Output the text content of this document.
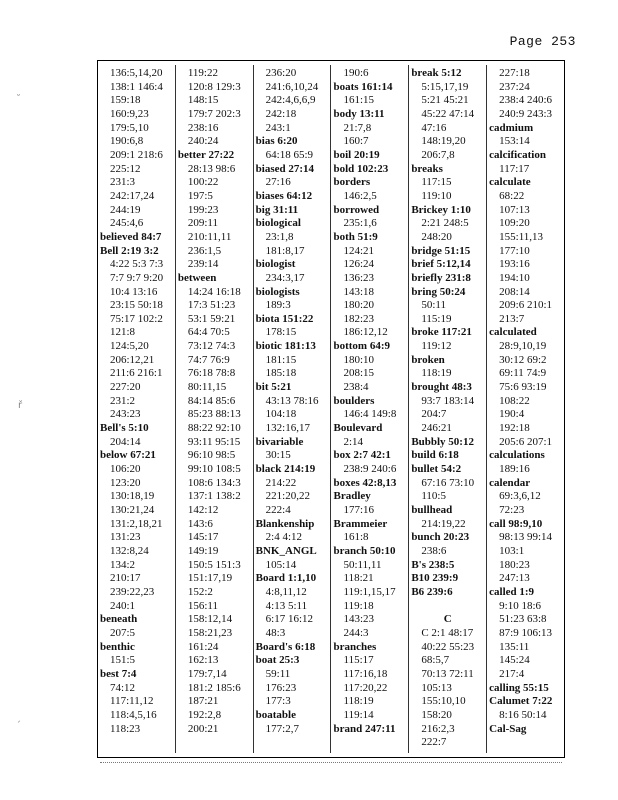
Page 253
˘
ř
ˏ
136:5,14,20
138:1 146:4
159:18
160:9,23
179:5,10
190:6,8
209:1 218:6
225:12
231:3
242:17,24
244:19
245:4,6
believed 84:7
Bell 2:19 3:2
4:22 5:3 7:3
7:7 9:7 9:20
10:4 13:16
23:15 50:18
75:17 102:2
121:8
124:5,20
206:12,21
211:6 216:1
227:20
231:2
243:23
Bell's 5:10
204:14
below 67:21
106:20
123:20
130:18,19
130:21,24
131:2,18,21
131:23
132:8,24
134:2
210:17
239:22,23
240:1
beneath
207:5
benthic
151:5
best 7:4
74:12
117:11,12
118:4,5,16
118:23
119:22
120:8 129:3
148:15
179:7 202:3
238:16
240:24
better 27:22
28:13 98:6
100:22
197:5
199:23
209:11
210:11,11
236:1,5
239:14
between
14:24 16:18
17:3 51:23
53:1 59:21
64:4 70:5
73:12 74:3
74:7 76:9
76:18 78:8
80:11,15
84:14 85:6
85:23 88:13
88:22 92:10
93:11 95:15
96:10 98:5
99:10 108:5
108:6 134:3
137:1 138:2
142:12
143:6
145:17
149:19
150:5 151:3
151:17,19
152:2
156:11
158:12,14
158:21,23
161:24
162:13
179:7,14
181:2 185:6
187:21
192:2,8
200:21
236:20
241:6,10,24
242:4,6,6,9
242:18
243:1
bias 6:20
64:18 65:9
biased 27:14
27:16
biases 64:12
big 31:11
biological
23:1,8
181:8,17
biologist
234:3,17
biologists
189:3
biota 151:22
178:15
biotic 181:13
181:15
185:18
bit 5:21
43:13 78:16
104:18
132:16,17
bivariable
30:15
black 214:19
214:22
221:20,22
222:4
Blankenship
2:4 4:12
BNK_ANGL
105:14
Board 1:1,10
4:8,11,12
4:13 5:11
6:17 16:12
48:3
Board's 6:18
boat 25:3
59:11
176:23
177:3
boatable
177:2,7
190:6
boats 161:14
161:15
body 13:11
21:7,8
160:7
boil 20:19
bold 102:23
borders
146:2,5
borrowed
235:1,6
both 51:9
124:21
126:24
136:23
143:18
180:20
182:23
186:12,12
bottom 64:9
180:10
208:15
238:4
boulders
146:4 149:8
Boulevard
2:14
box 2:7 42:1
238:9 240:6
boxes 42:8,13
Bradley
177:16
Brammeier
161:8
branch 50:10
50:11,11
118:21
119:1,15,17
119:18
143:23
244:3
branches
115:17
117:16,18
117:20,22
118:19
119:14
brand 247:11
break 5:12
5:15,17,19
5:21 45:21
45:22 47:14
47:16
148:19,20
206:7,8
breaks
117:15
119:10
Brickey 1:10
2:21 248:5
248:20
bridge 51:15
brief 5:12,14
briefly 231:8
bring 50:24
50:11
115:19
broke 117:21
119:12
broken
118:19
brought 48:3
93:7 183:14
204:7
246:21
Bubbly 50:12
build 6:18
bullet 54:2
67:16 73:10
110:5
bullhead
214:19,22
bunch 20:23
238:6
B's 238:5
B10 239:9
B6 239:6
$\overline{C}$
C 2:1 48:17
40:22 55:23
68:5,7
70:13 72:11
105:13
155:10,10
158:20
216:2,3
222:7
227:18
237:24
238:4 240:6
240:9 243:3
cadmium
153:14
calcification
117:17
calculate
68:22
107:13
109:20
155:11,13
177:10
193:16
194:10
208:14
209:6 210:1
213:7
calculated
28:9,10,19
30:12 69:2
69:11 74:9
75:6 93:19
108:22
190:4
192:18
205:6 207:1
calculations
189:16
calendar
69:3,6,12
72:23
call 98:9,10
98:13 99:14
103:1
180:23
247:13
called 1:9
9:10 18:6
51:23 63:8
87:9 106:13
135:11
145:24
217:4
calling 55:15
Calumet 7:22
8:16 50:14
Cal-Sag
